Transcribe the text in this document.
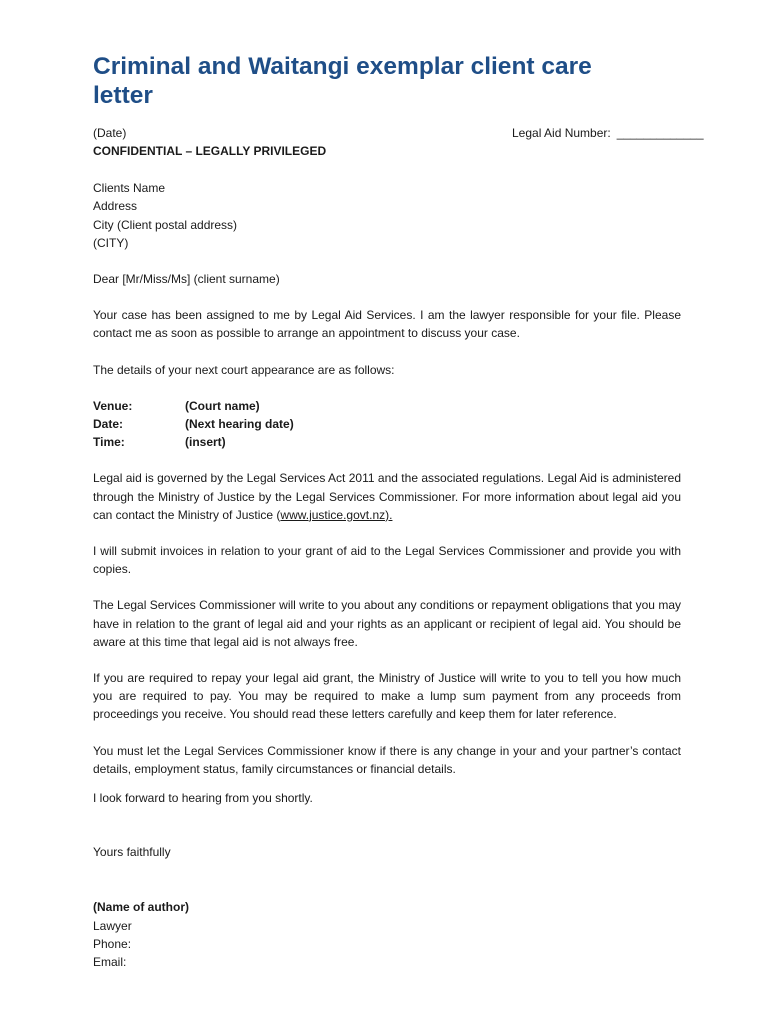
Criminal and Waitangi exemplar client care letter
(Date)	Legal Aid Number: _____________

CONFIDENTIAL – LEGALLY PRIVILEGED

Clients Name

Address

City (Client postal address)

(CITY)

Dear [Mr/Miss/Ms] (client surname)

Your case has been assigned to me by Legal Aid Services. I am the lawyer responsible for your file. Please contact me as soon as possible to arrange an appointment to discuss your case.

The details of your next court appearance are as follows:

Venue:	(Court name)
Date:	(Next hearing date)
Time:	(insert)

Legal aid is governed by the Legal Services Act 2011 and the associated regulations. Legal Aid is administered through the Ministry of Justice by the Legal Services Commissioner. For more information about legal aid you can contact the Ministry of Justice (www.justice.govt.nz).

I will submit invoices in relation to your grant of aid to the Legal Services Commissioner and provide you with copies.

The Legal Services Commissioner will write to you about any conditions or repayment obligations that you may have in relation to the grant of legal aid and your rights as an applicant or recipient of legal aid. You should be aware at this time that legal aid is not always free.

If you are required to repay your legal aid grant, the Ministry of Justice will write to you to tell you how much you are required to pay. You may be required to make a lump sum payment from any proceeds from proceedings you receive. You should read these letters carefully and keep them for later reference.

You must let the Legal Services Commissioner know if there is any change in your and your partner’s contact details, employment status, family circumstances or financial details.

I look forward to hearing from you shortly.

Yours faithfully

(Name of author)

Lawyer

Phone:

Email:
